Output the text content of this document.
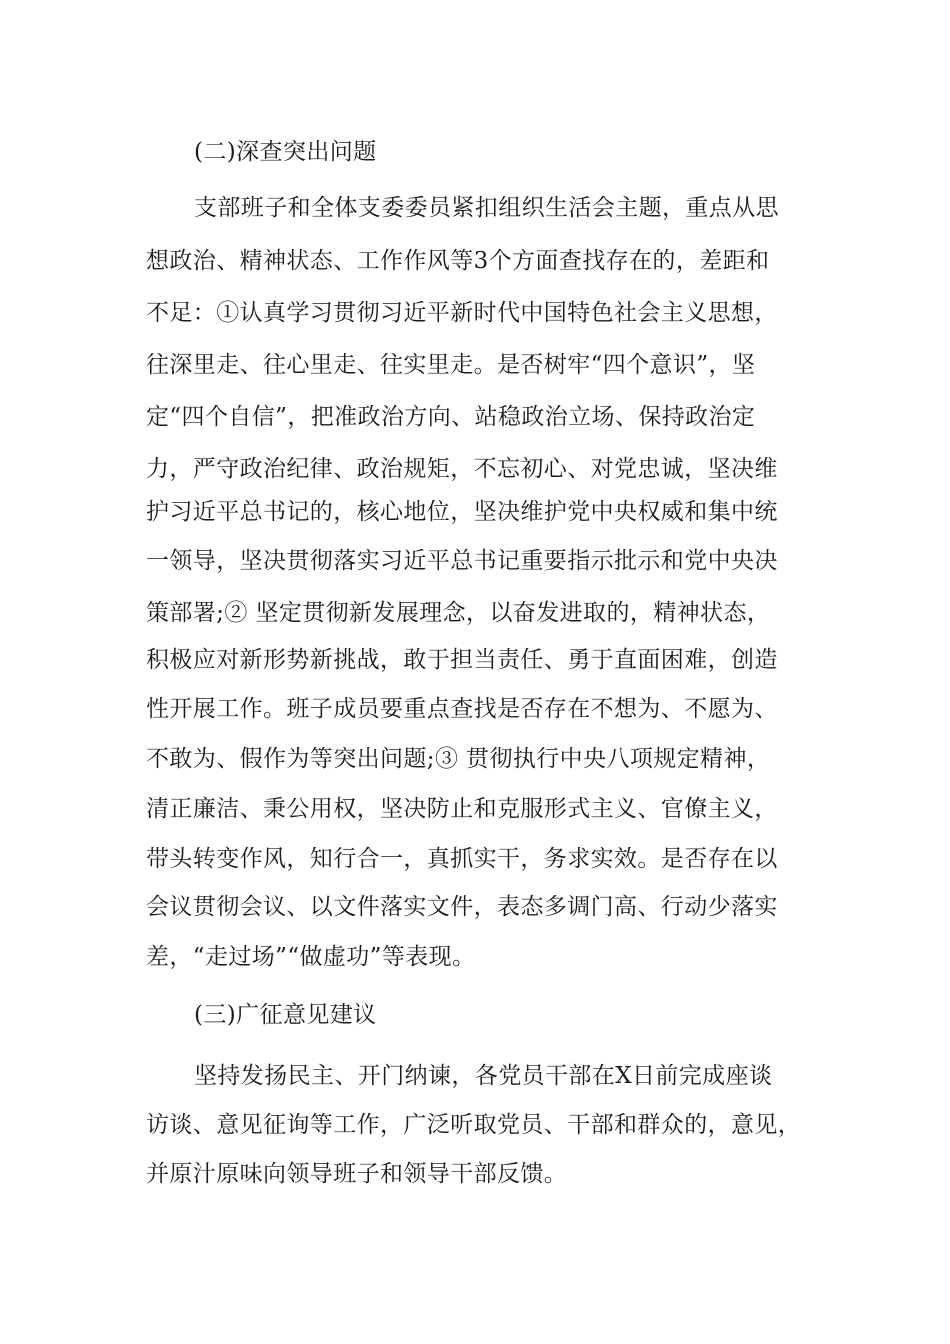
(二)深查突出问题

支部班子和全体支委委员紧扣组织生活会主题，重点从思

想政治、精神状态、工作作风等3个方面查找存在的，差距和

不足：①认真学习贯彻习近平新时代中国特色社会主义思想，

往深里走、往心里走、往实里走。是否树牢“四个意识”，坚

定“四个自信”，把准政治方向、站稳政治立场、保持政治定

力，严守政治纪律、政治规矩，不忘初心、对党忠诚，坚决维

护习近平总书记的，核心地位，坚决维护党中央权威和集中统

一领导，坚决贯彻落实习近平总书记重要指示批示和党中央决

策部署;② 坚定贯彻新发展理念，以奋发进取的，精神状态，

积极应对新形势新挑战，敢于担当责任、勇于直面困难，创造

性开展工作。班子成员要重点查找是否存在不想为、不愿为、

不敢为、假作为等突出问题;③ 贯彻执行中央八项规定精神，

清正廉洁、秉公用权，坚决防止和克服形式主义、官僚主义，

带头转变作风，知行合一，真抓实干，务求实效。是否存在以

会议贯彻会议、以文件落实文件，表态多调门高、行动少落实

差，“走过场”“做虚功”等表现。

(三)广征意见建议

坚持发扬民主、开门纳谏，各党员干部在X日前完成座谈

访谈、意见征询等工作，广泛听取党员、干部和群众的，意见，

并原汁原味向领导班子和领导干部反馈。
